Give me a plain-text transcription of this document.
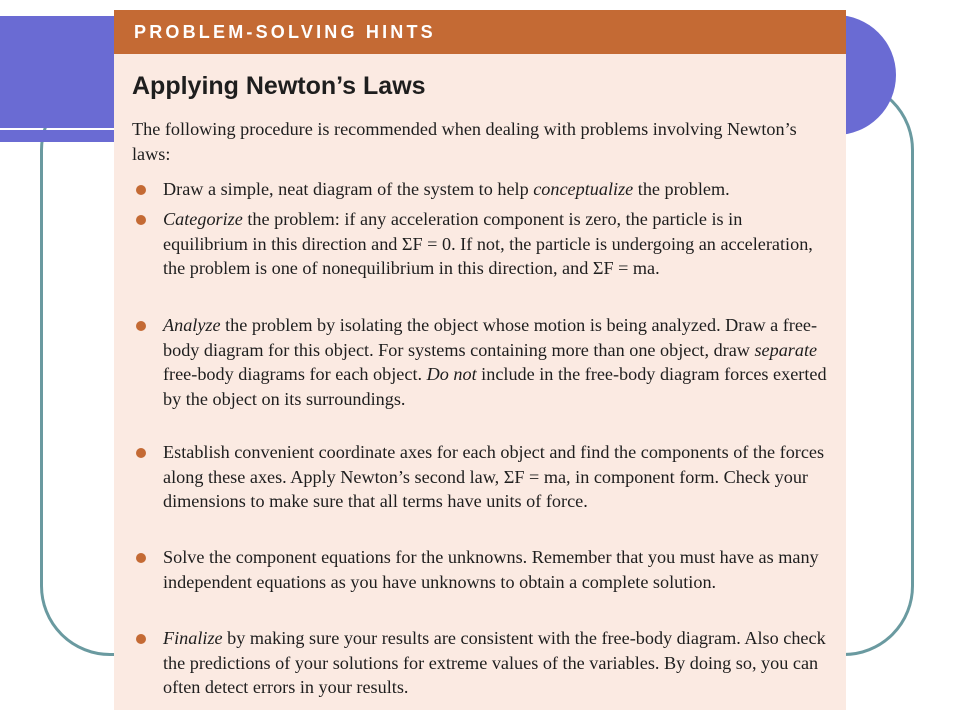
PROBLEM-SOLVING HINTS
Applying Newton’s Laws

The following procedure is recommended when dealing with problems involving Newton’s laws:

Draw a simple, neat diagram of the system to help conceptualize the problem.

Categorize the problem: if any acceleration component is zero, the particle is in equilibrium in this direction and ΣF = 0. If not, the particle is undergoing an acceleration, the problem is one of nonequilibrium in this direction, and ΣF = ma.

Analyze the problem by isolating the object whose motion is being analyzed. Draw a free-body diagram for this object. For systems containing more than one object, draw separate free-body diagrams for each object. Do not include in the free-body diagram forces exerted by the object on its surroundings.

Establish convenient coordinate axes for each object and find the components of the forces along these axes. Apply Newton’s second law, ΣF = ma, in component form. Check your dimensions to make sure that all terms have units of force.

Solve the component equations for the unknowns. Remember that you must have as many independent equations as you have unknowns to obtain a complete solution.

Finalize by making sure your results are consistent with the free-body diagram. Also check the predictions of your solutions for extreme values of the variables. By doing so, you can often detect errors in your results.
